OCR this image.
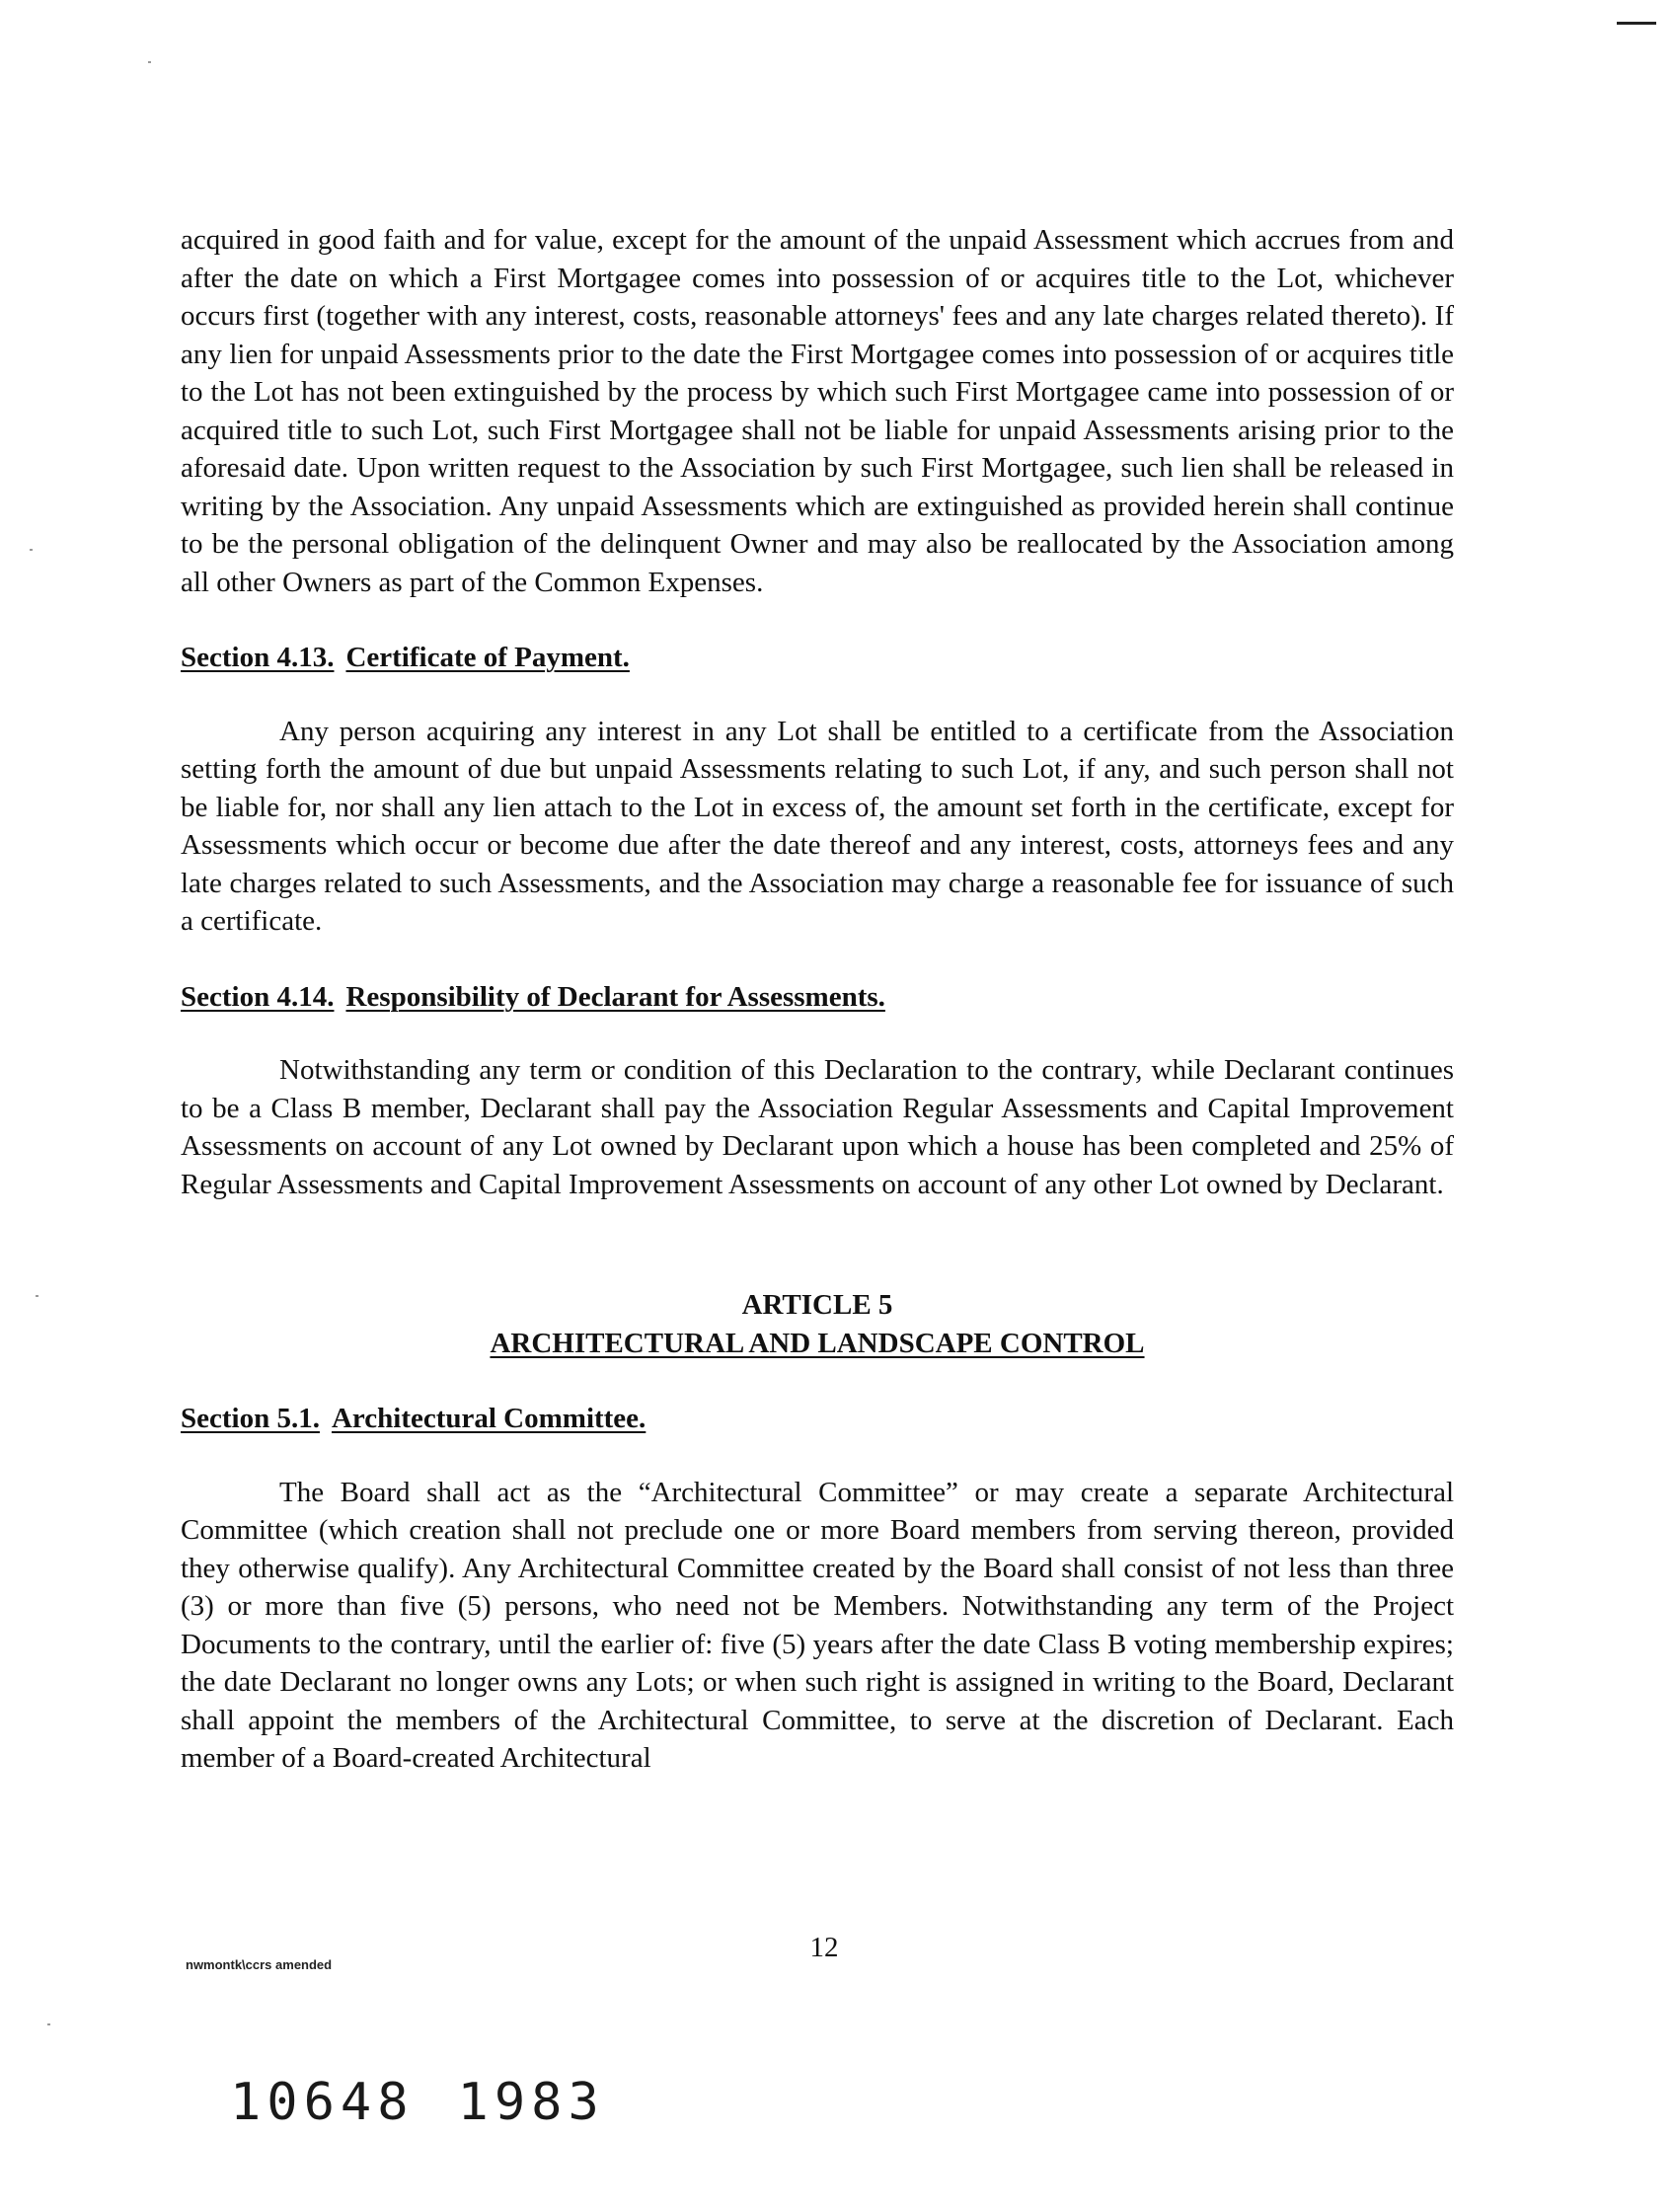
acquired in good faith and for value, except for the amount of the unpaid Assessment which accrues from and after the date on which a First Mortgagee comes into possession of or acquires title to the Lot, whichever occurs first (together with any interest, costs, reasonable attorneys' fees and any late charges related thereto). If any lien for unpaid Assessments prior to the date the First Mortgagee comes into possession of or acquires title to the Lot has not been extinguished by the process by which such First Mortgagee came into possession of or acquired title to such Lot, such First Mortgagee shall not be liable for unpaid Assessments arising prior to the aforesaid date. Upon written request to the Association by such First Mortgagee, such lien shall be released in writing by the Association. Any unpaid Assessments which are extinguished as provided herein shall continue to be the personal obligation of the delinquent Owner and may also be reallocated by the Association among all other Owners as part of the Common Expenses.

Section 4.13. Certificate of Payment.

Any person acquiring any interest in any Lot shall be entitled to a certificate from the Association setting forth the amount of due but unpaid Assessments relating to such Lot, if any, and such person shall not be liable for, nor shall any lien attach to the Lot in excess of, the amount set forth in the certificate, except for Assessments which occur or become due after the date thereof and any interest, costs, attorneys fees and any late charges related to such Assessments, and the Association may charge a reasonable fee for issuance of such a certificate.

Section 4.14. Responsibility of Declarant for Assessments.

Notwithstanding any term or condition of this Declaration to the contrary, while Declarant continues to be a Class B member, Declarant shall pay the Association Regular Assessments and Capital Improvement Assessments on account of any Lot owned by Declarant upon which a house has been completed and 25% of Regular Assessments and Capital Improvement Assessments on account of any other Lot owned by Declarant.

ARTICLE 5
ARCHITECTURAL AND LANDSCAPE CONTROL

Section 5.1. Architectural Committee.

The Board shall act as the “Architectural Committee” or may create a separate Architectural Committee (which creation shall not preclude one or more Board members from serving thereon, provided they otherwise qualify). Any Architectural Committee created by the Board shall consist of not less than three (3) or more than five (5) persons, who need not be Members. Notwithstanding any term of the Project Documents to the contrary, until the earlier of: five (5) years after the date Class B voting membership expires; the date Declarant no longer owns any Lots; or when such right is assigned in writing to the Board, Declarant shall appoint the members of the Architectural Committee, to serve at the discretion of Declarant. Each member of a Board-created Architectural

nwmontk\ccrs amended
12
10648 1983
